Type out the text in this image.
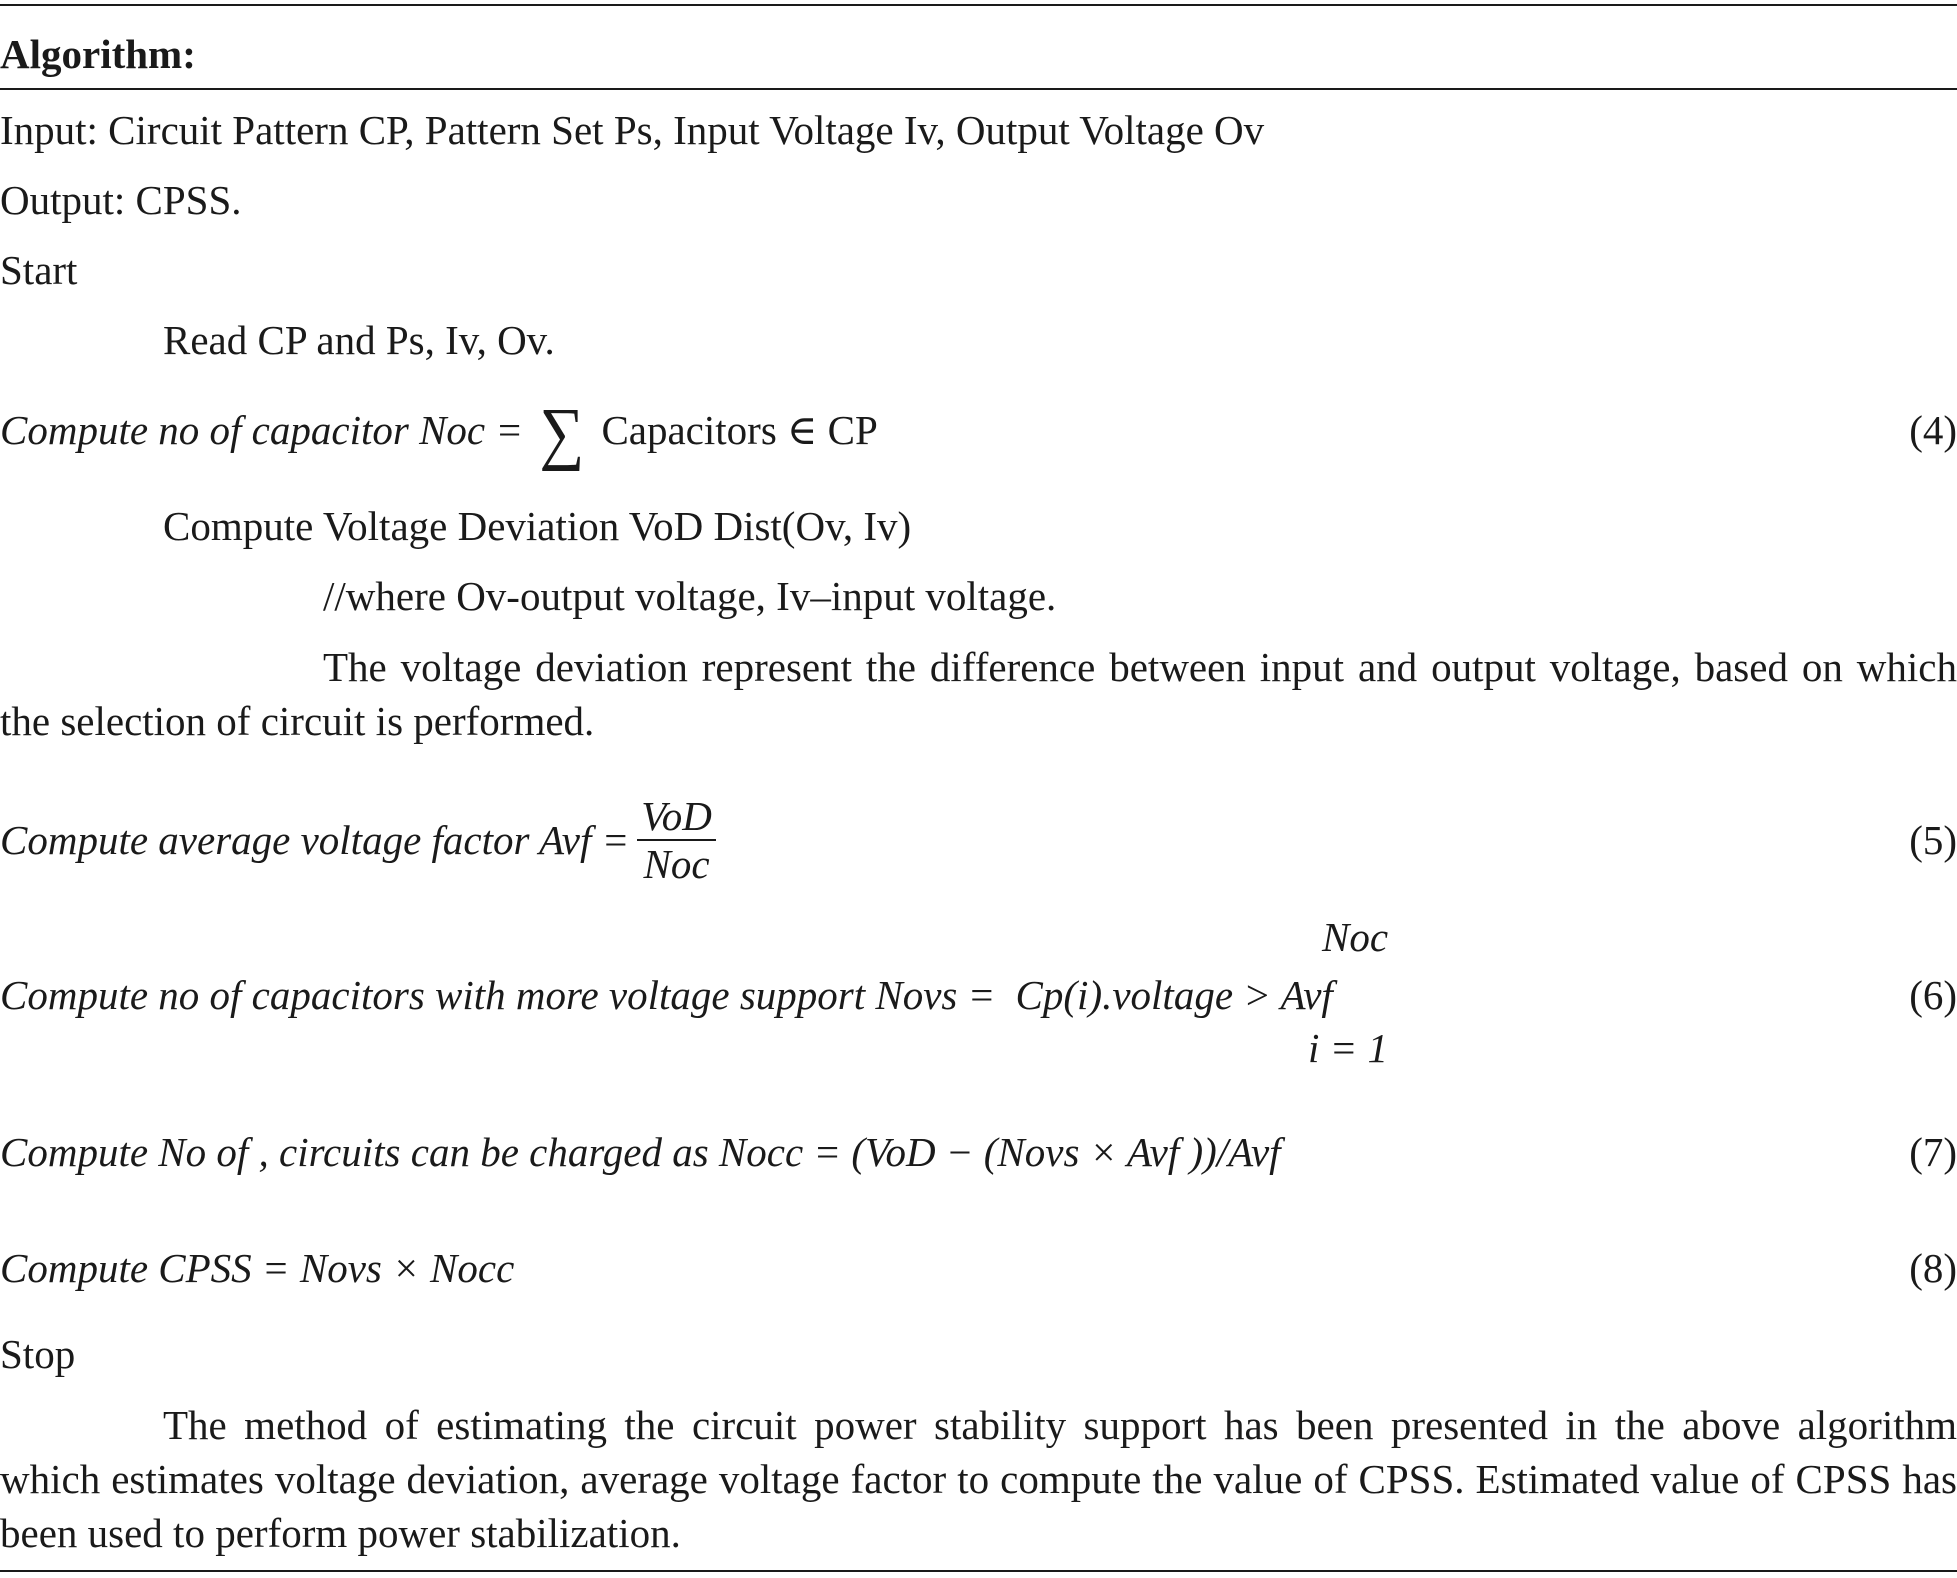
Algorithm:
Input: Circuit Pattern CP, Pattern Set Ps, Input Voltage Iv, Output Voltage Ov
Output: CPSS.
Start
Read CP and Ps, Iv, Ov.
Compute no of capacitor Noc = ∑ Capacitors ∈ CP	(4)
Compute Voltage Deviation VoD Dist(Ov, Iv)
//where Ov-output voltage, Iv–input voltage.
The voltage deviation represent the difference between input and output voltage, based on which the selection of circuit is performed.
Compute average voltage factor Avf = $\frac{\text{VoD}}{\text{Noc}}$	(5)
Noc
Compute no of capacitors with more voltage support Novs = Cp(i).voltage > Avf	(6)
i = 1
Compute No of , circuits can be charged as Nocc = (VoD − (Novs × Avf ))/Avf	(7)
Compute CPSS = Novs × Nocc	(8)
Stop
The method of estimating the circuit power stability support has been presented in the above algorithm which estimates voltage deviation, average voltage factor to compute the value of CPSS. Estimated value of CPSS has been used to perform power stabilization.
